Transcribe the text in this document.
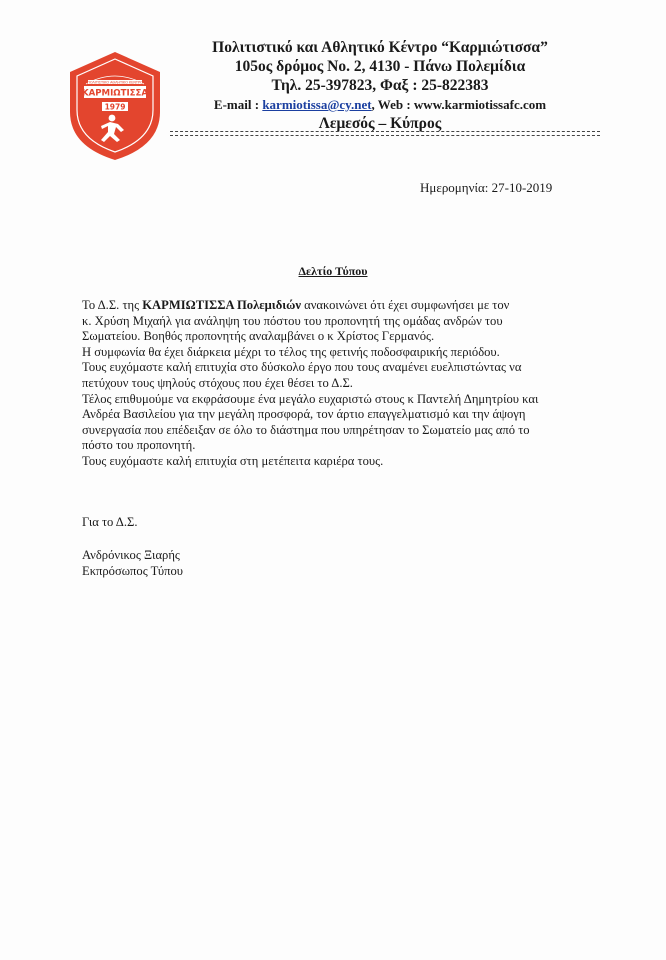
ΠΟΛΙΤΙΣΤΙΚΟ ΑΘΛΗΤΙΚΟ ΚΕΝΤΡΟ
ΚΑΡΜΙΩΤΙΣΣΑ
1979
Πολιτιστικό και Αθλητικό Κέντρο “Καρμιώτισσα”
105ος δρόμος Νο. 2, 4130 - Πάνω Πολεμίδια
Τηλ. 25-397823, Φαξ : 25-822383
E-mail : karmiotissa@cy.net, Web : www.karmiotissafc.com
Λεμεσός – Κύπρος
Ημερομηνία: 27-10-2019
Δελτίο Τύπου

Το Δ.Σ. της ΚΑΡΜΙΩΤΙΣΣΑ Πολεμιδιών ανακοινώνει ότι έχει συμφωνήσει με τον

κ. Χρύση Μιχαήλ για ανάληψη του πόστου του προπονητή της ομάδας ανδρών του

Σωματείου. Βοηθός προπονητής αναλαμβάνει ο κ Χρίστος Γερμανός.

Η συμφωνία θα έχει διάρκεια μέχρι το τέλος της φετινής ποδοσφαιρικής περιόδου.

Τους ευχόμαστε καλή επιτυχία στο δύσκολο έργο που τους αναμένει ευελπιστώντας να

πετύχουν τους ψηλούς στόχους που έχει θέσει το Δ.Σ.

Τέλος επιθυμούμε να εκφράσουμε ένα μεγάλο ευχαριστώ στους κ Παντελή Δημητρίου και

Ανδρέα Βασιλείου για την μεγάλη προσφορά, τον άρτιο επαγγελματισμό και την άψογη

συνεργασία που επέδειξαν σε όλο το διάστημα που υπηρέτησαν το Σωματείο μας από το

πόστο του προπονητή.

Τους ευχόμαστε καλή επιτυχία στη μετέπειτα καριέρα τους.

Για το Δ.Σ.
Ανδρόνικος Ξιαρής
Εκπρόσωπος Τύπου
